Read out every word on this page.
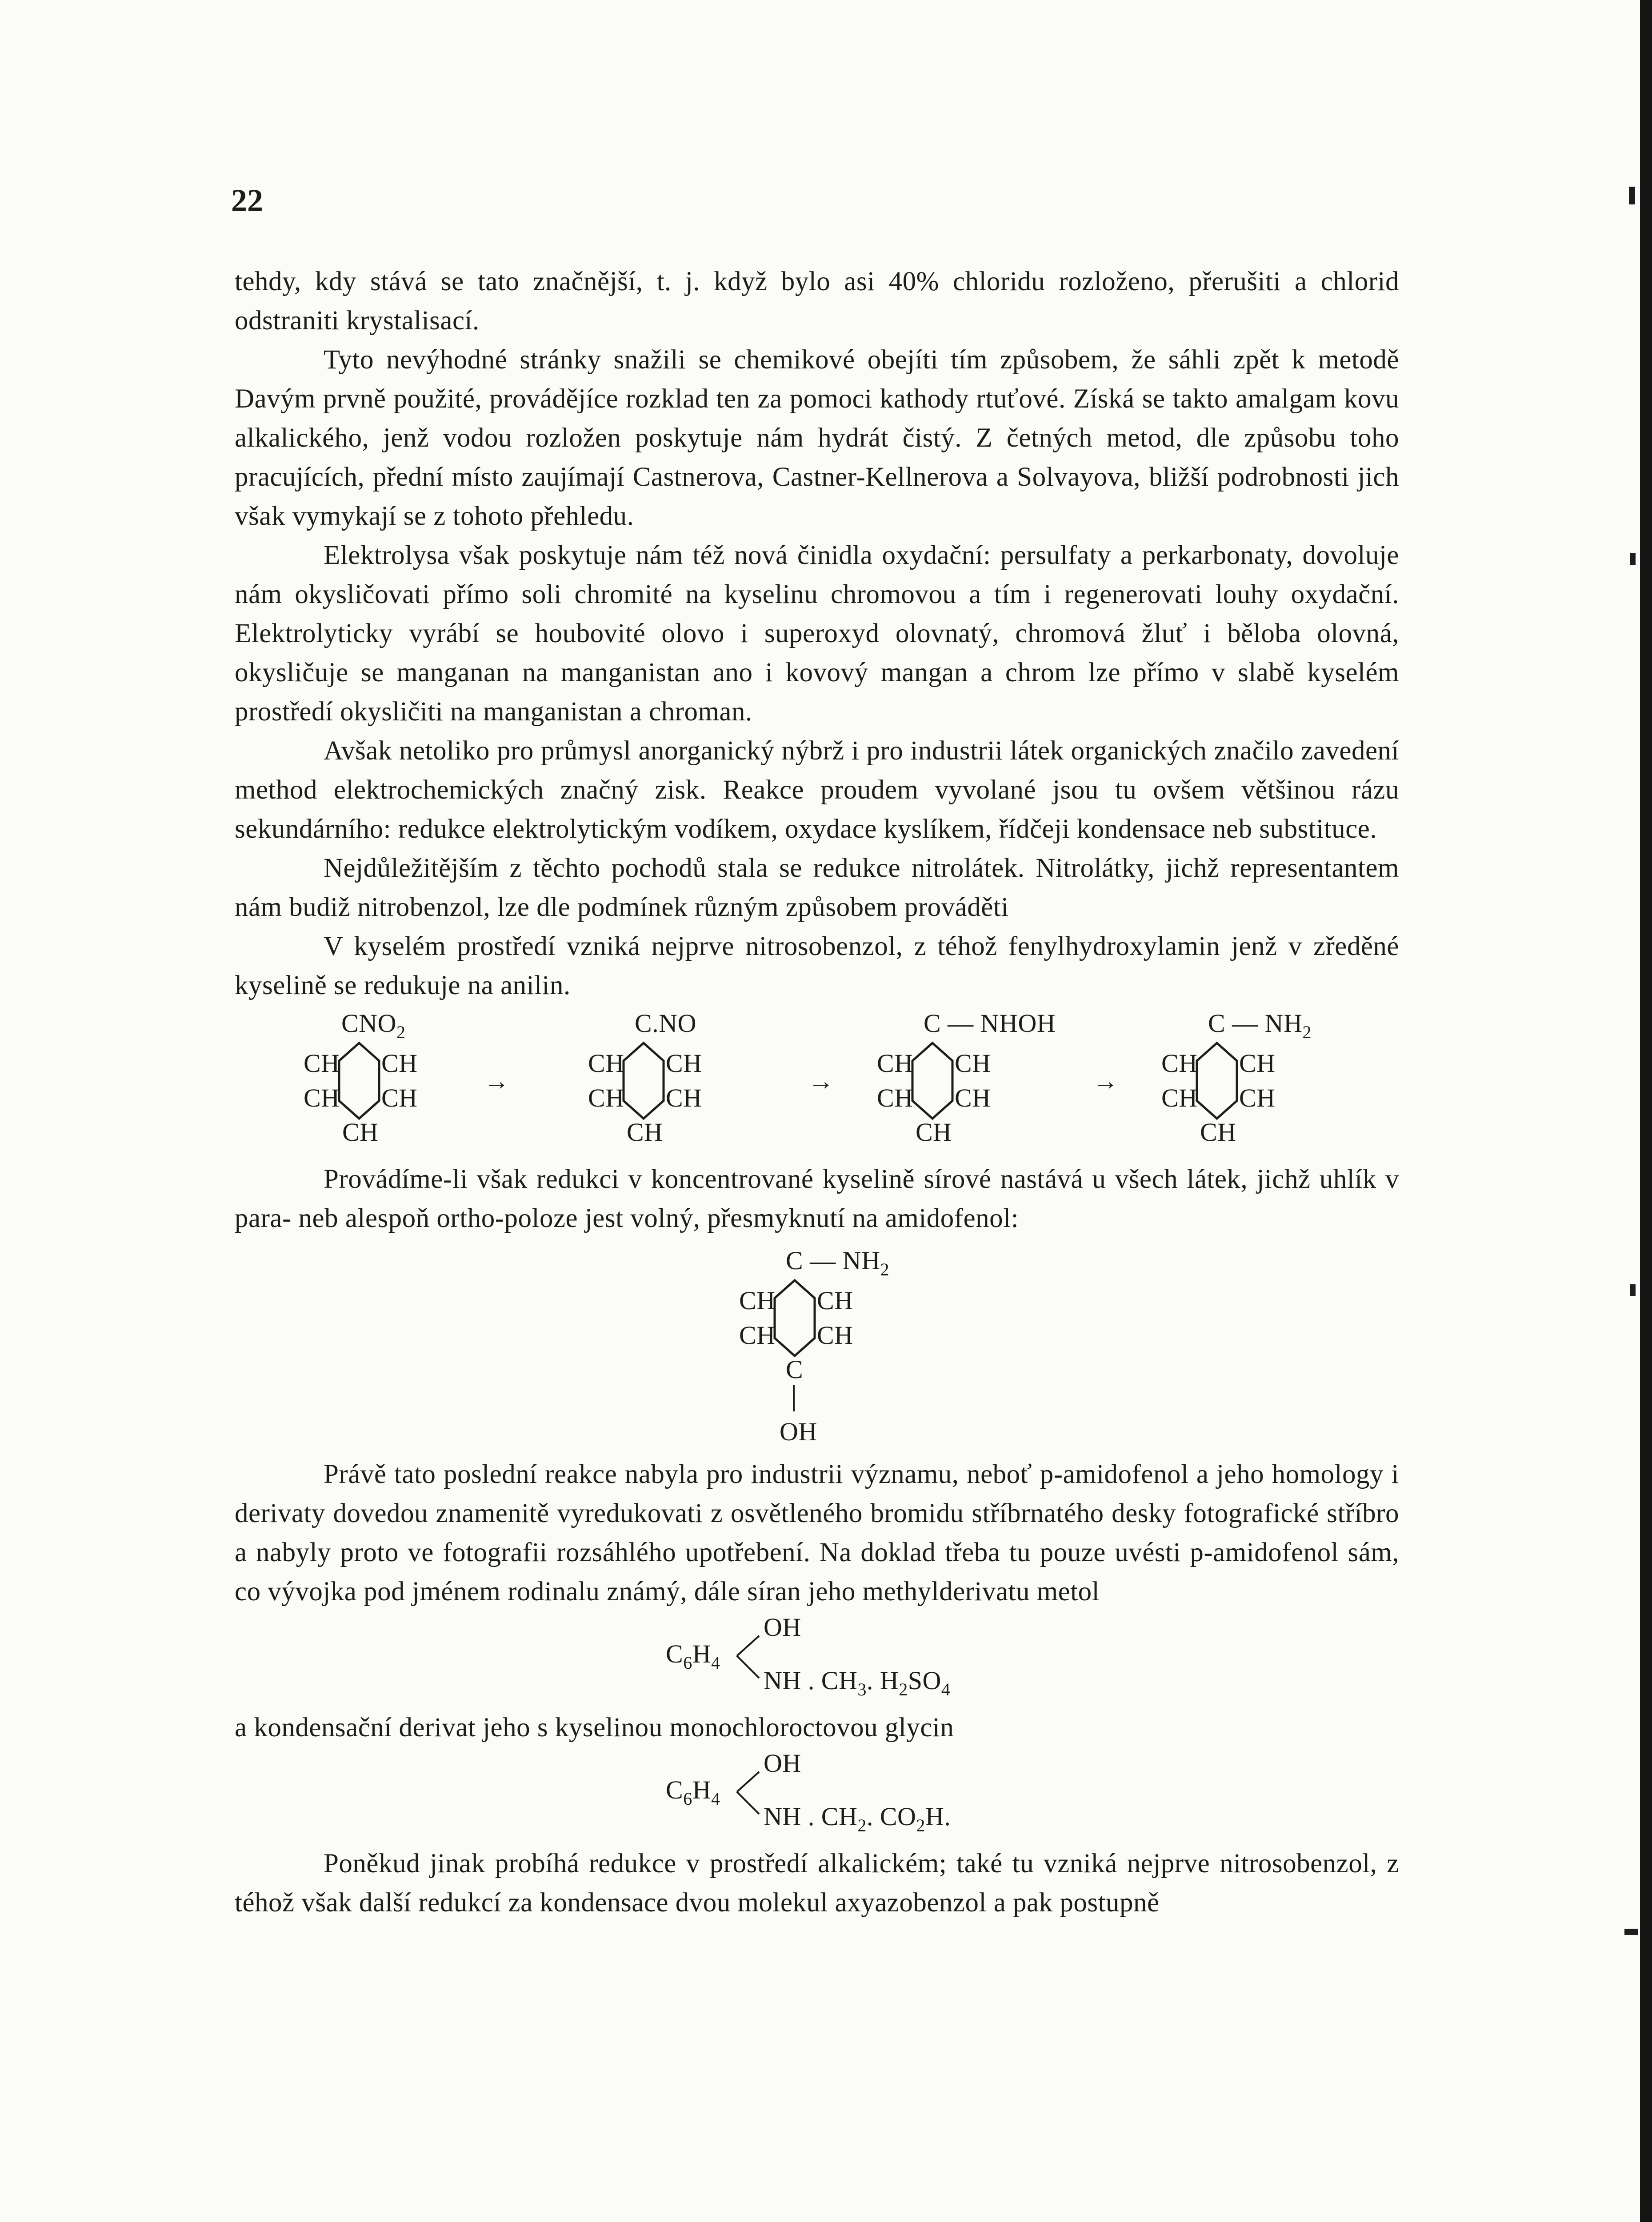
22

tehdy, kdy stává se tato značnější, t. j. když bylo asi 40% chloridu rozloženo, přerušiti a chlorid odstraniti krystalisací.

Tyto nevýhodné stránky snažili se chemikové obejíti tím způsobem, že sáhli zpět k metodě Davým prvně použité, provádějíce rozklad ten za pomoci kathody rtuťové. Získá se takto amalgam kovu alkalického, jenž vodou rozložen poskytuje nám hydrát čistý. Z četných metod, dle způsobu toho pracujících, přední místo zaujímají Castnerova, Castner-Kellnerova a Solvayova, bližší podrobnosti jich však vymykají se z tohoto přehledu.

Elektrolysa však poskytuje nám též nová činidla oxydační: persulfaty a perkarbonaty, dovoluje nám okysličovati přímo soli chromité na kyselinu chromovou a tím i regenerovati louhy oxydační. Elektrolyticky vyrábí se houbovité olovo i superoxyd olovnatý, chromová žluť i běloba olovná, okysličuje se manganan na manganistan ano i kovový mangan a chrom lze přímo v slabě kyselém prostředí okysličiti na manganistan a chroman.

Avšak netoliko pro průmysl anorganický nýbrž i pro industrii látek organických značilo zavedení method elektrochemických značný zisk. Reakce proudem vyvolané jsou tu ovšem většinou rázu sekundárního: redukce elektrolytickým vodíkem, oxydace kyslíkem, řídčeji kondensace neb substituce.

Nejdůležitějším z těchto pochodů stala se redukce nitrolátek. Nitrolátky, jichž representantem nám budiž nitrobenzol, lze dle podmínek různým způsobem prováděti

V kyselém prostředí vzniká nejprve nitrosobenzol, z téhož fenylhydroxylamin jenž v zředěné kyselině se redukuje na anilin.

$CNO_2$
CH CH
CH CH
CH
→
C.NO
CH CH
CH CH
CH
→
C — NHOH
CH CH
CH CH
CH
→
C — $NH_2$
CH CH
CH CH
CH

Provádíme-li však redukci v koncentrované kyselině sírové nastává u všech látek, jichž uhlík v para- neb alespoň ortho-poloze jest volný, přesmyknutí na amidofenol:

C — $NH_2$
CH CH
CH CH
C
OH

Právě tato poslední reakce nabyla pro industrii významu, neboť p-amidofenol a jeho homology i derivaty dovedou znamenitě vyredukovati z osvětleného bromidu stříbrnatého desky fotografické stříbro a nabyly proto ve fotografii rozsáhlého upotřebení. Na doklad třeba tu pouze uvésti p-amidofenol sám, co vývojka pod jménem rodinalu známý, dále síran jeho methylderivatu metol

$C_6H_4$
OH
NH . $CH_3$. $H_2SO_4$

a kondensační derivat jeho s kyselinou monochloroctovou glycin

$C_6H_4$
OH
NH . $CH_2$. $CO_2H$.

Poněkud jinak probíhá redukce v prostředí alkalickém; také tu vzniká nejprve nitrosobenzol, z téhož však další redukcí za kondensace dvou molekul axyazobenzol a pak postupně
